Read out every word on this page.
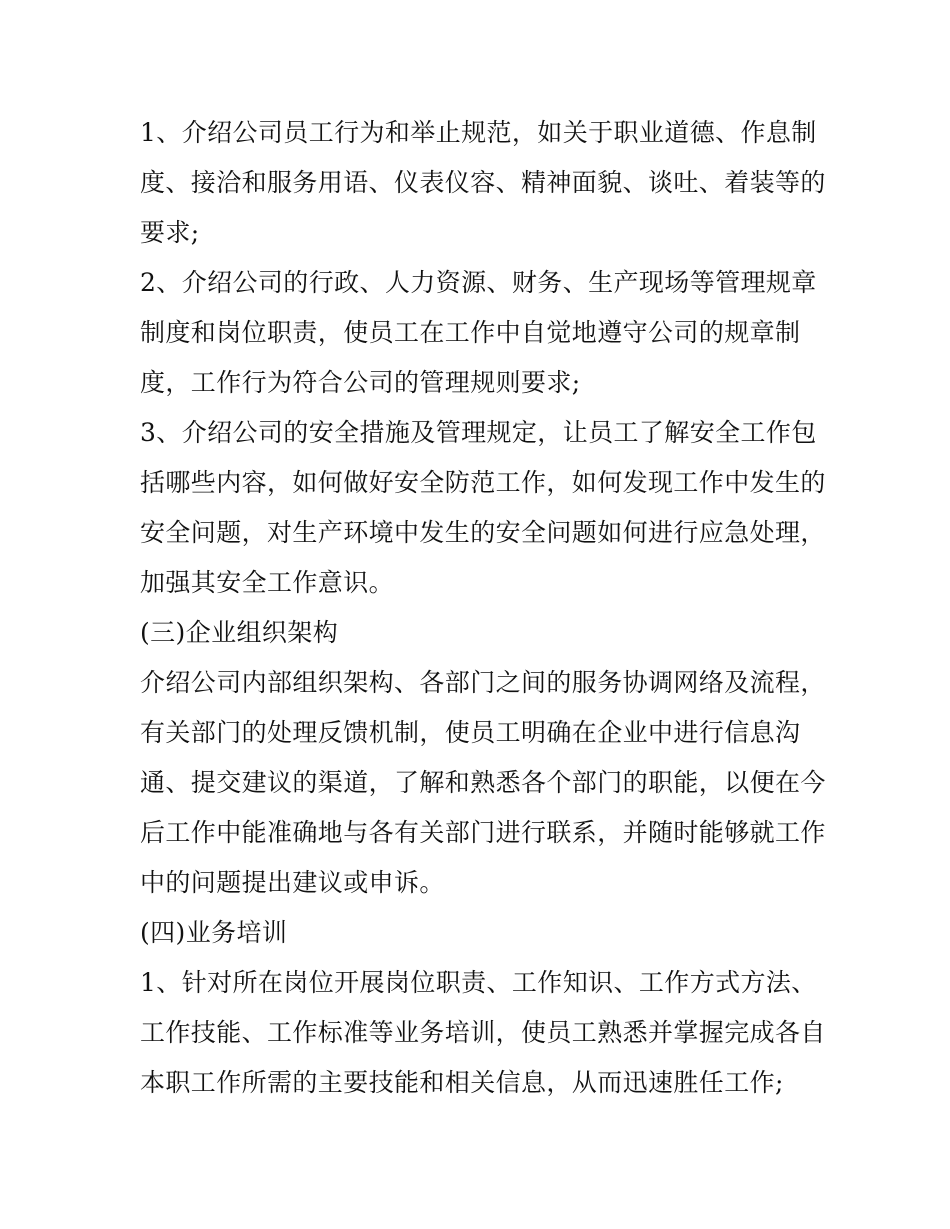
1、介绍公司员工行为和举止规范，如关于职业道德、作息制
度、接洽和服务用语、仪表仪容、精神面貌、谈吐、着装等的
要求;
2、介绍公司的行政、人力资源、财务、生产现场等管理规章
制度和岗位职责，使员工在工作中自觉地遵守公司的规章制
度，工作行为符合公司的管理规则要求;
3、介绍公司的安全措施及管理规定，让员工了解安全工作包
括哪些内容，如何做好安全防范工作，如何发现工作中发生的
安全问题，对生产环境中发生的安全问题如何进行应急处理，
加强其安全工作意识。
(三)企业组织架构
介绍公司内部组织架构、各部门之间的服务协调网络及流程，
有关部门的处理反馈机制，使员工明确在企业中进行信息沟
通、提交建议的渠道，了解和熟悉各个部门的职能，以便在今
后工作中能准确地与各有关部门进行联系，并随时能够就工作
中的问题提出建议或申诉。
(四)业务培训
1、针对所在岗位开展岗位职责、工作知识、工作方式方法、
工作技能、工作标准等业务培训，使员工熟悉并掌握完成各自
本职工作所需的主要技能和相关信息，从而迅速胜任工作;
